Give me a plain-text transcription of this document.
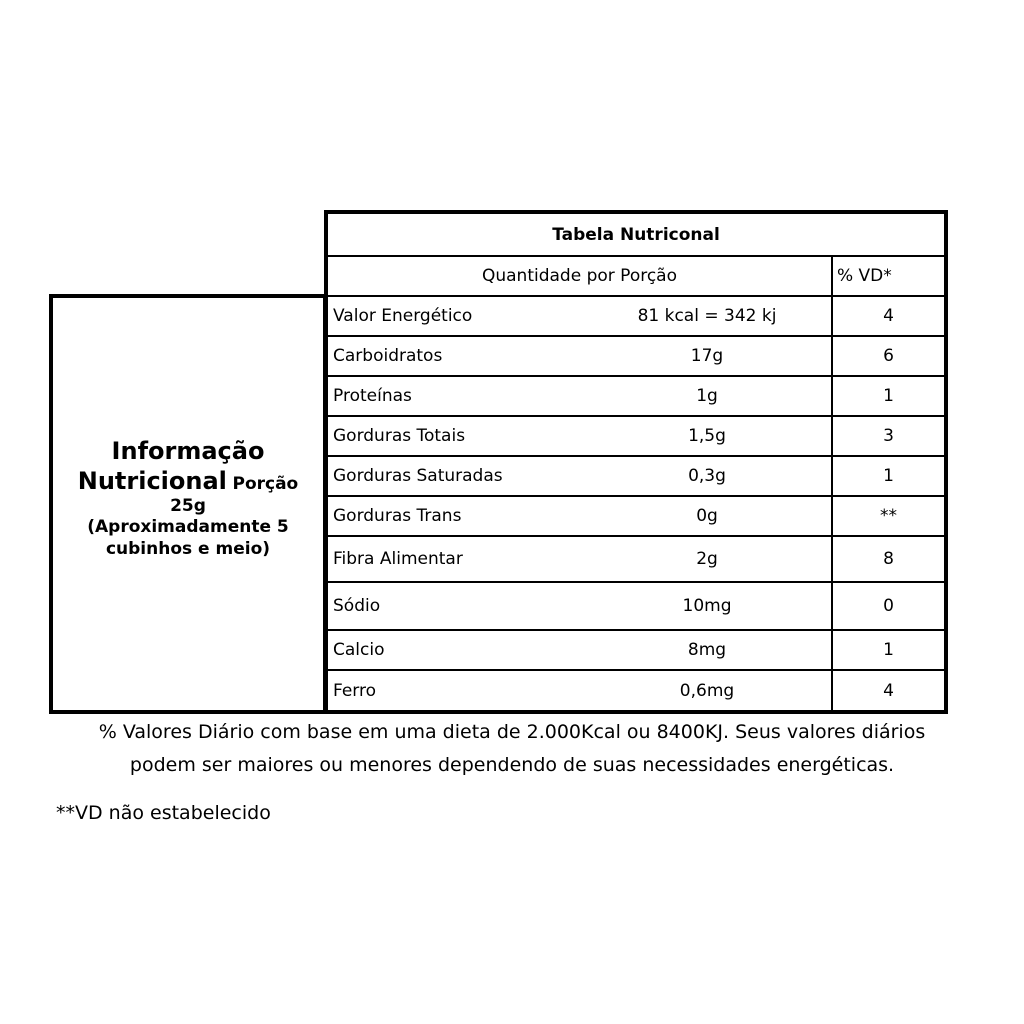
Informação
Nutricional Porção 25g
(Aproximadamente 5
cubinhos e meio)
Tabela Nutriconal	
Quantidade por Porção	% VD*

Valor Energético 81 kcal = 342 kj	4

Carboidratos 17g	6

Proteínas 1g	1

Gorduras Totais 1,5g	3

Gorduras Saturadas 0,3g	1

Gorduras Trans 0g	**

Fibra Alimentar 2g	8

Sódio 10mg	0

Calcio 8mg	1

Ferro 0,6mg	4
% Valores Diário com base em uma dieta de 2.000Kcal ou 8400KJ. Seus valores diários
podem ser maiores ou menores dependendo de suas necessidades energéticas.
**VD não estabelecido
